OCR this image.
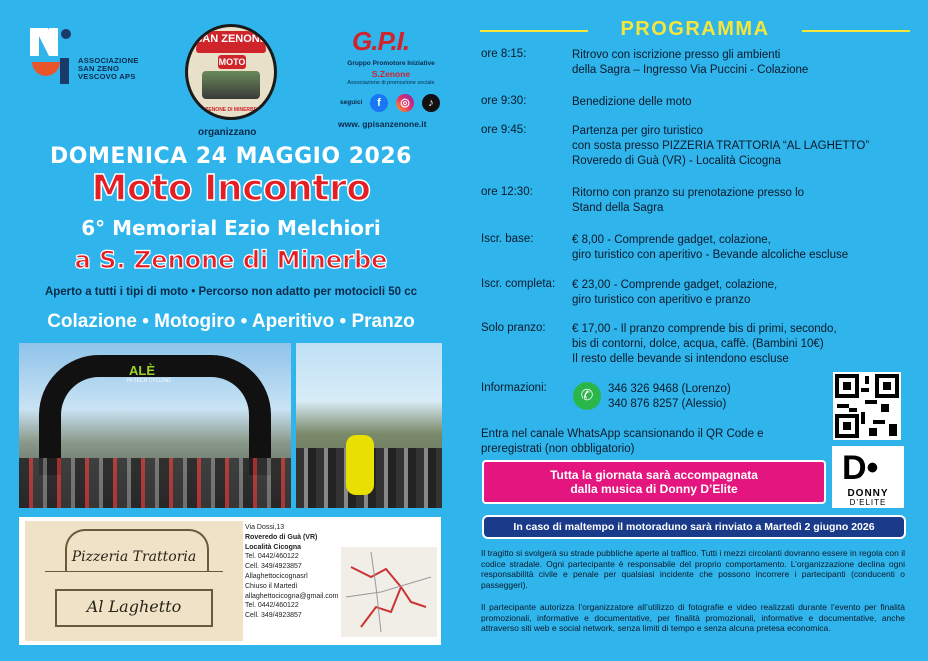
ASSOCIAZIONE
SAN ZENO
VESCOVO APS
SAN ZENONE
MOTO
SAN ZENONE DI MINERBE (VR)
organizzano
G.P.I.
Gruppo Promotore Iniziative
S.Zenone
Associazione di promozione sociale
seguici	f	◎	♪
www. gpisanzenone.it
DOMENICA 24 MAGGIO 2026
Moto Incontro
6° Memorial Ezio Melchiori
a S. Zenone di Minerbe
Aperto a tutti i tipi di moto • Percorso non adatto per motocicli 50 cc
Colazione • Motogiro • Aperitivo • Pranzo
ALÈ
HI-TECH CYCLING
Pizzeria Trattoria
Al Laghetto
Via Dossi,13
Roveredo di Guà (VR)
Località Cicogna
Tel. 0442/460122
Cell. 349/4923857
Allaghettocicognasrl
Chiuso il Martedì
allaghettocicogna@gmail.com
Tel. 0442/460122
Cell. 349/4923857
PROGRAMMA
ore 8:15:	Ritrovo con iscrizione presso gli ambienti
della Sagra – Ingresso Via Puccini - Colazione
ore 9:30:	Benedizione delle moto
ore 9:45:	Partenza per giro turistico
con sosta presso PIZZERIA TRATTORIA “AL LAGHETTO”
Roveredo di Guà (VR) - Località Cicogna
ore 12:30:	Ritorno con pranzo su prenotazione presso lo
Stand della Sagra
Iscr. base:	€ 8,00 - Comprende gadget, colazione,
giro turistico con aperitivo - Bevande alcoliche escluse
Iscr. completa: € 23,00 - Comprende gadget, colazione,
giro turistico con aperitivo e pranzo
Solo pranzo: € 17,00 - Il pranzo comprende bis di primi, secondo,
bis di contorni, dolce, acqua, caffè. (Bambini 10€)
Il resto delle bevande si intendono escluse
Informazioni:	✆	346 326 9468 (Lorenzo)
340 876 8257 (Alessio)
Entra nel canale WhatsApp scansionando il QR Code e
preregistrati (non obbligatorio)
Tutta la giornata sarà accompagnata
dalla musica di Donny D’Elite
D•
DONNY
D’ELITE
In caso di maltempo il motoraduno sarà rinviato a Martedì 2 giugno 2026
Il tragitto si svolgerà su strade pubbliche aperte al traffico. Tutti i mezzi circolanti dovranno essere in regola con il codice stradale. Ogni partecipante è responsabile del proprio comportamento. L’organizzazione declina ogni responsabilità civile e penale per qualsiasi incidente che possono incorrere i partecipanti (conducenti o passeggeri).
Il partecipante autorizza l’organizzatore all’utilizzo di fotografie e video realizzati durante l’evento per finalità promozionali, informative e documentative, per finalità promozionali, informative e documentative, anche attraverso siti web e social network, senza limiti di tempo e senza alcuna pretesa economica.
